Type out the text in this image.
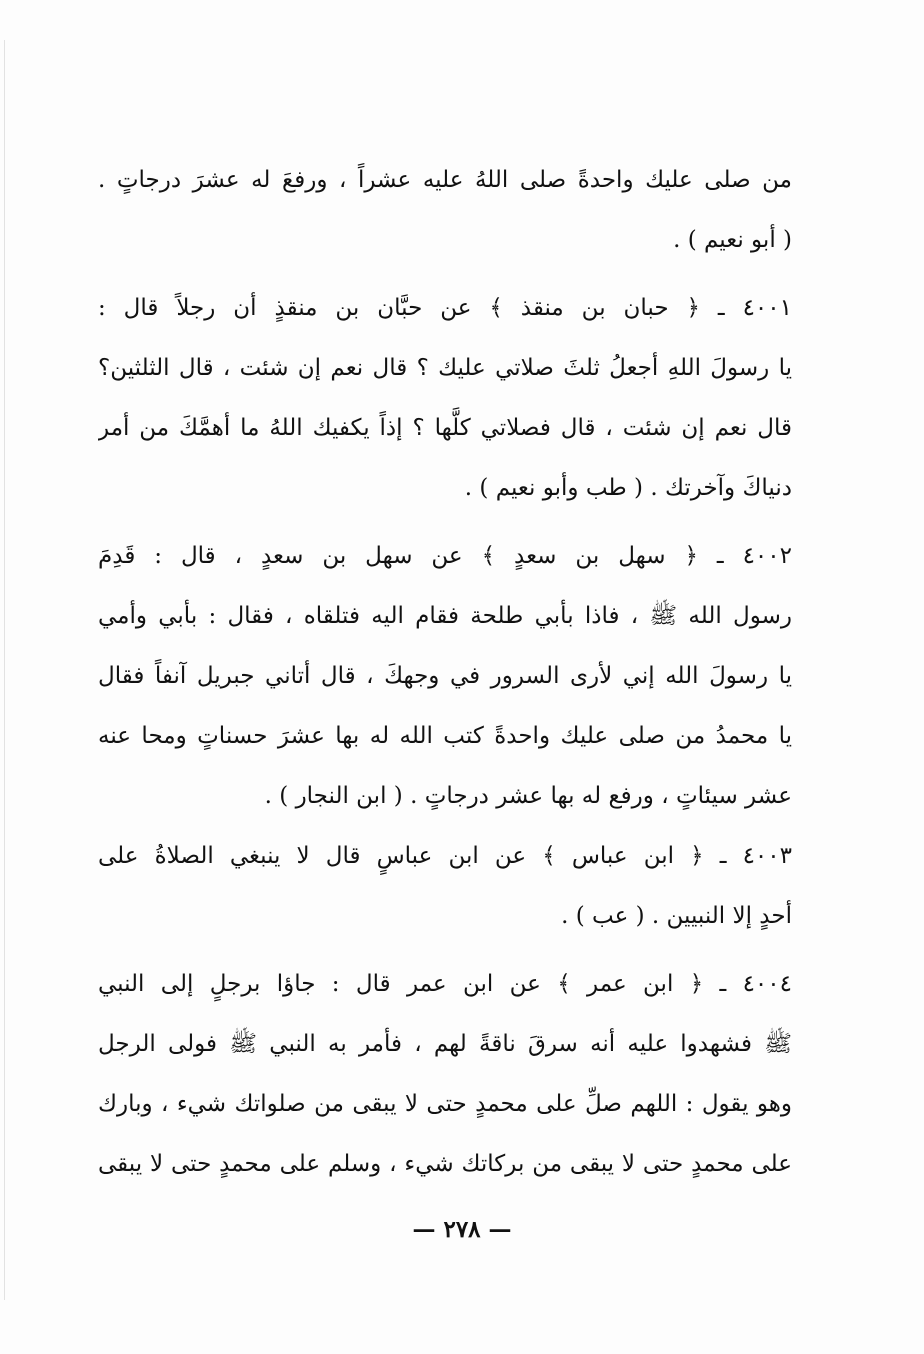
من صلى عليك واحدةً صلى اللهُ عليه عشراً ، ورفعَ له عشرَ درجاتٍ .
( أبو نعيم ) .
٤٠٠١ ـ ﴿ حبان بن منقذ ﴾ عن حبَّان بن منقذٍ أن رجلاً قال :
يا رسولَ اللهِ أجعلُ ثلثَ صلاتي عليك ؟ قال نعم إن شئت ، قال الثلثين؟
قال نعم إن شئت ، قال فصلاتي كلَّها ؟ إذاً يكفيك اللهُ ما أهمَّكَ من أمر
دنياكَ وآخرتك . ( طب وأبو نعيم ) .
٤٠٠٢ ـ ﴿ سهل بن سعدٍ ﴾ عن سهل بن سعدٍ ، قال : قَدِمَ
رسول الله ﷺ ، فاذا بأبي طلحة فقام اليه فتلقاه ، فقال : بأبي وأمي
يا رسولَ الله إني لأرى السرور في وجهكَ ، قال أتاني جبريل آنفاً فقال
يا محمدُ من صلى عليك واحدةً كتب الله له بها عشرَ حسناتٍ ومحا عنه
عشر سيئاتٍ ، ورفع له بها عشر درجاتٍ . ( ابن النجار ) .
٤٠٠٣ ـ ﴿ ابن عباس ﴾ عن ابن عباسٍ قال لا ينبغي الصلاةُ على
أحدٍ إلا النبيين . ( عب ) .
٤٠٠٤ ـ ﴿ ابن عمر ﴾ عن ابن عمر قال : جاؤا برجلٍ إلى النبي
ﷺ فشهدوا عليه أنه سرقَ ناقةً لهم ، فأمر به النبي ﷺ فولى الرجل
وهو يقول : اللهم صلِّ على محمدٍ حتى لا يبقى من صلواتك شيء ، وبارك
على محمدٍ حتى لا يبقى من بركاتك شيء ، وسلم على محمدٍ حتى لا يبقى
— ٢٧٨ —
